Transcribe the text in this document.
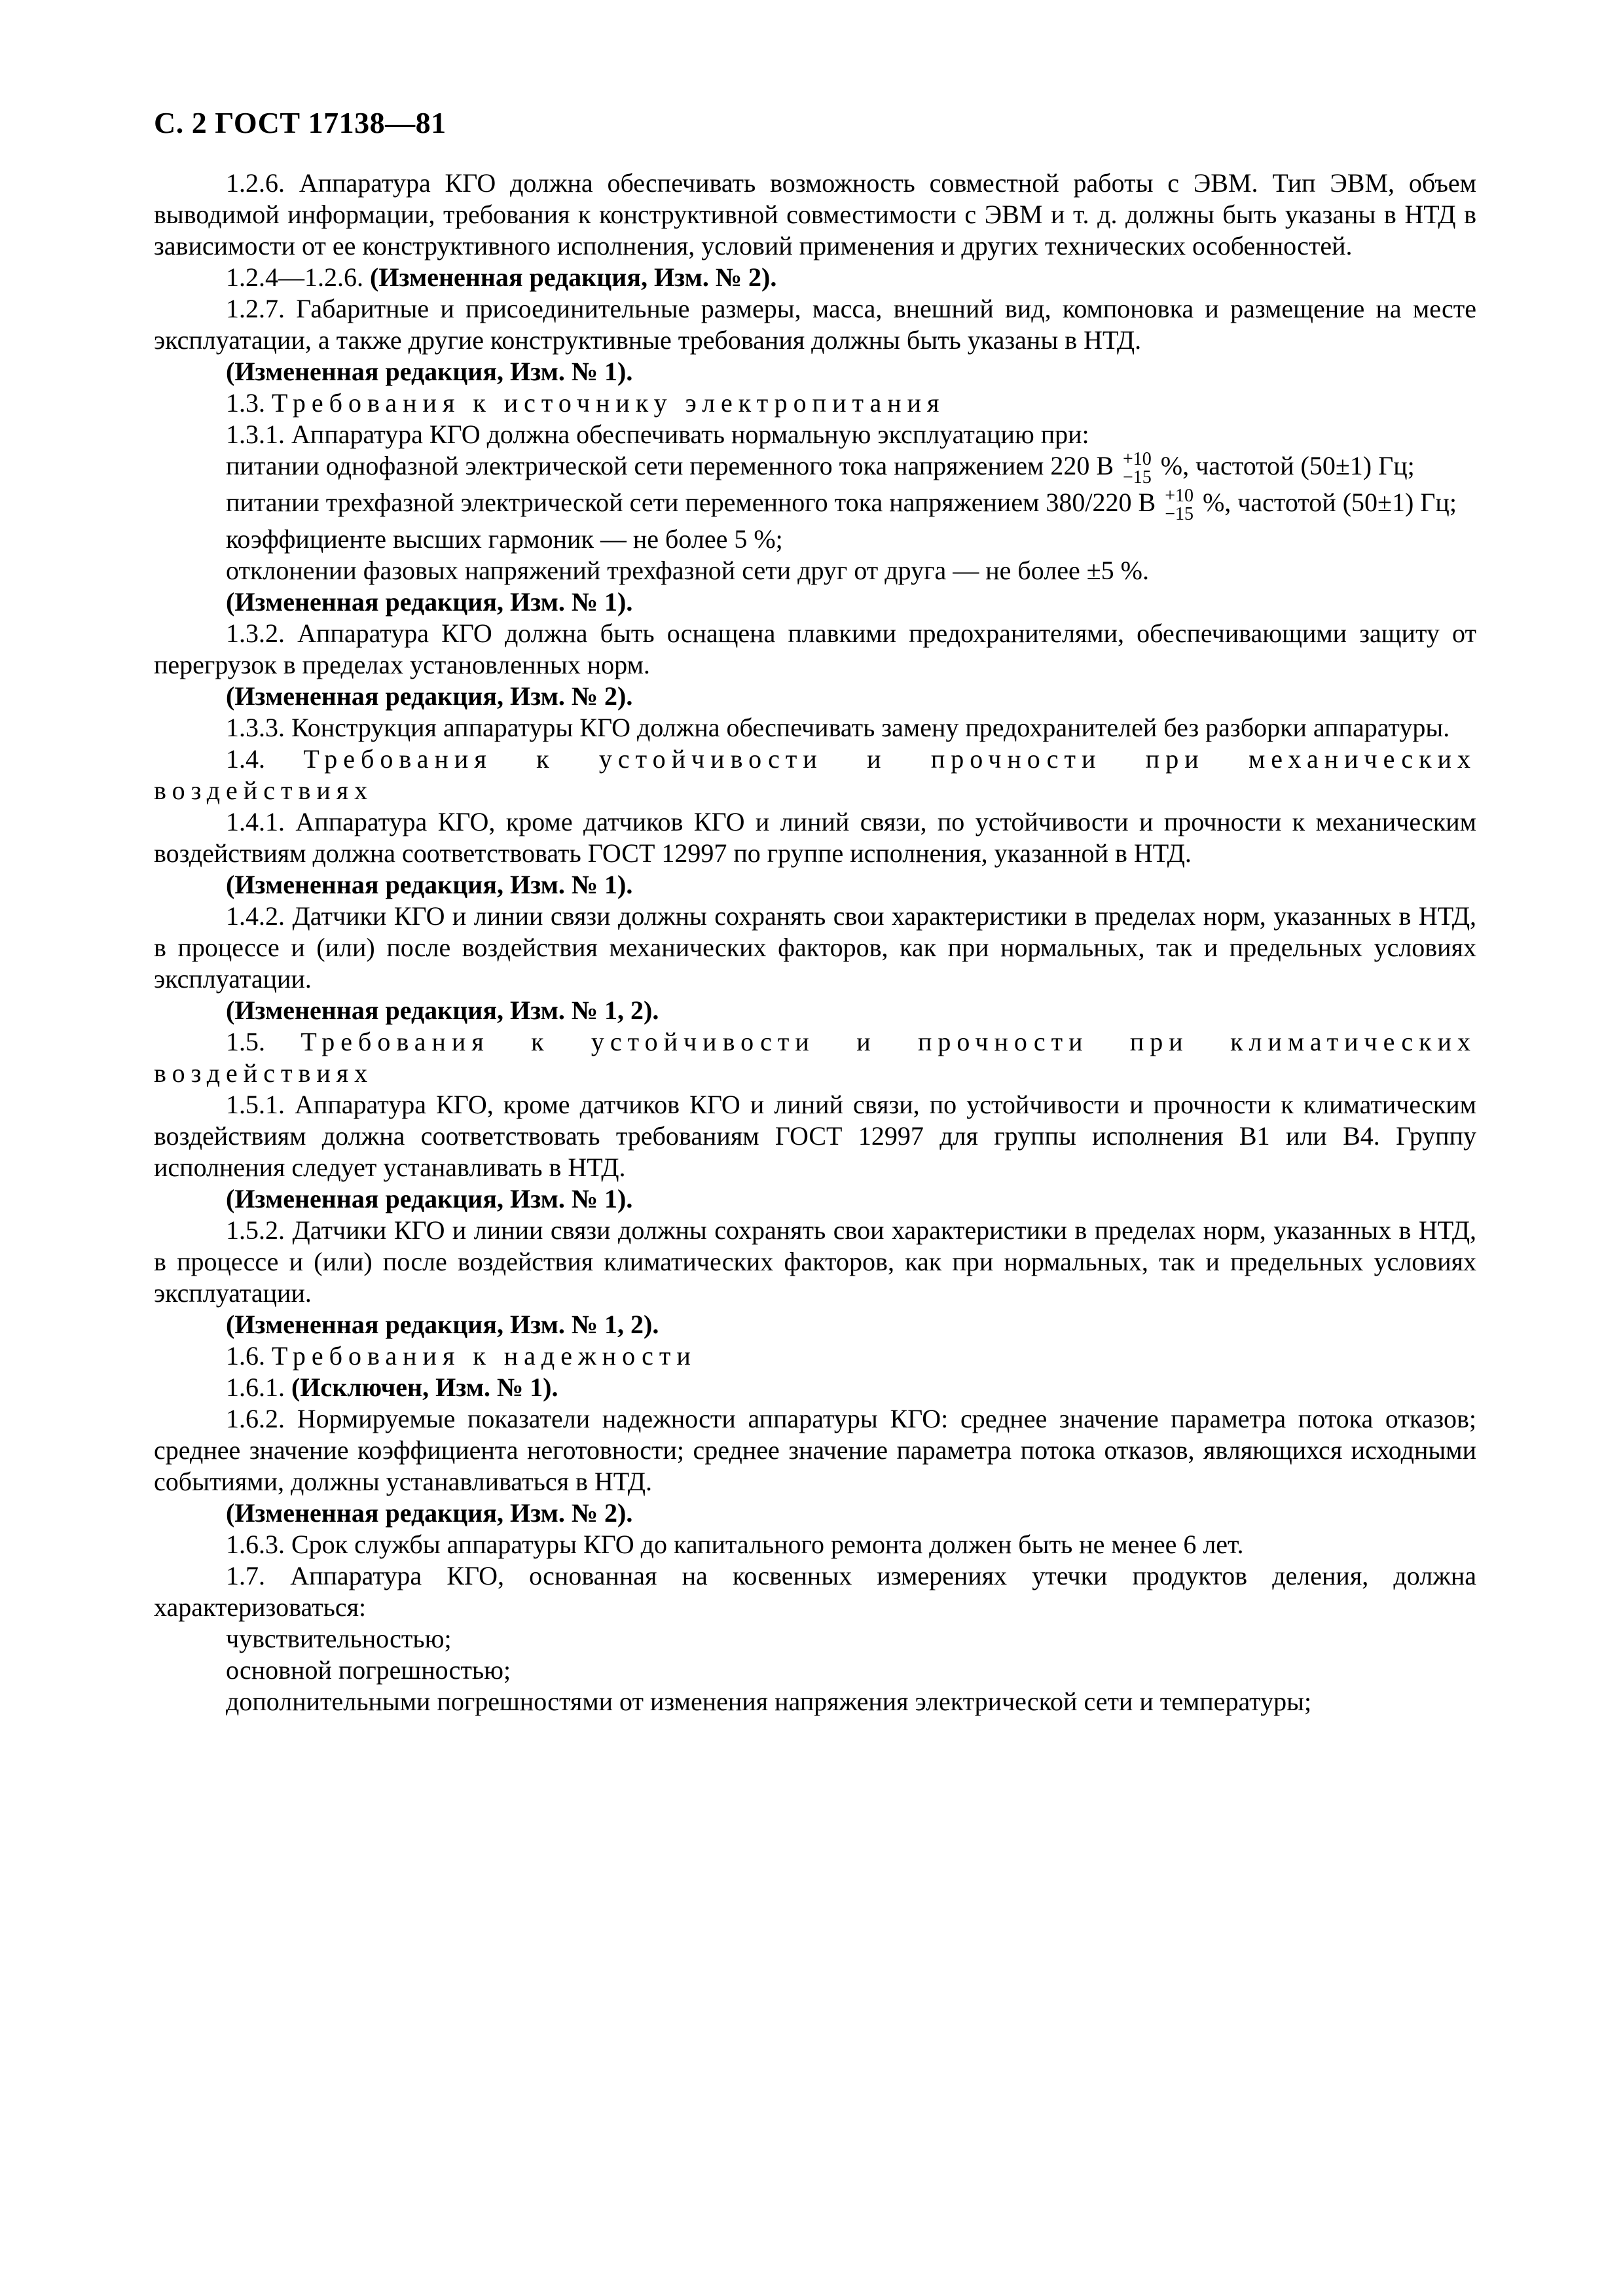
С. 2 ГОСТ 17138—81

1.2.6. Аппаратура КГО должна обеспечивать возможность совместной работы с ЭВМ. Тип ЭВМ, объем выводимой информации, требования к конструктивной совместимости с ЭВМ и т. д. должны быть указаны в НТД в зависимости от ее конструктивного исполнения, условий применения и других технических особенностей.

1.2.4—1.2.6. (Измененная редакция, Изм. № 2).

1.2.7. Габаритные и присоединительные размеры, масса, внешний вид, компоновка и размещение на месте эксплуатации, а также другие конструктивные требования должны быть указаны в НТД.

(Измененная редакция, Изм. № 1).

1.3. Требования к источнику электропитания

1.3.1. Аппаратура КГО должна обеспечивать нормальную эксплуатацию при:

питании однофазной электрической сети переменного тока напряжением 220 В +10
−15 %, частотой (50±1) Гц;

питании трехфазной электрической сети переменного тока напряжением 380/220 В +10
−15 %, частотой (50±1) Гц;

коэффициенте высших гармоник — не более 5 %;

отклонении фазовых напряжений трехфазной сети друг от друга — не более ±5 %.

(Измененная редакция, Изм. № 1).

1.3.2. Аппаратура КГО должна быть оснащена плавкими предохранителями, обеспечивающими защиту от перегрузок в пределах установленных норм.

(Измененная редакция, Изм. № 2).

1.3.3. Конструкция аппаратуры КГО должна обеспечивать замену предохранителей без разборки аппаратуры.

1.4. Требования к устойчивости и прочности при механических воздействиях

1.4.1. Аппаратура КГО, кроме датчиков КГО и линий связи, по устойчивости и прочности к механическим воздействиям должна соответствовать ГОСТ 12997 по группе исполнения, указанной в НТД.

(Измененная редакция, Изм. № 1).

1.4.2. Датчики КГО и линии связи должны сохранять свои характеристики в пределах норм, указанных в НТД, в процессе и (или) после воздействия механических факторов, как при нормальных, так и предельных условиях эксплуатации.

(Измененная редакция, Изм. № 1, 2).

1.5. Требования к устойчивости и прочности при климатических воздействиях

1.5.1. Аппаратура КГО, кроме датчиков КГО и линий связи, по устойчивости и прочности к климатическим воздействиям должна соответствовать требованиям ГОСТ 12997 для группы исполнения В1 или В4. Группу исполнения следует устанавливать в НТД.

(Измененная редакция, Изм. № 1).

1.5.2. Датчики КГО и линии связи должны сохранять свои характеристики в пределах норм, указанных в НТД, в процессе и (или) после воздействия климатических факторов, как при нормальных, так и предельных условиях эксплуатации.

(Измененная редакция, Изм. № 1, 2).

1.6. Требования к надежности

1.6.1. (Исключен, Изм. № 1).

1.6.2. Нормируемые показатели надежности аппаратуры КГО: среднее значение параметра потока отказов; среднее значение коэффициента неготовности; среднее значение параметра потока отказов, являющихся исходными событиями, должны устанавливаться в НТД.

(Измененная редакция, Изм. № 2).

1.6.3. Срок службы аппаратуры КГО до капитального ремонта должен быть не менее 6 лет.

1.7. Аппаратура КГО, основанная на косвенных измерениях утечки продуктов деления, должна характеризоваться:

чувствительностью;

основной погрешностью;

дополнительными погрешностями от изменения напряжения электрической сети и температуры;
